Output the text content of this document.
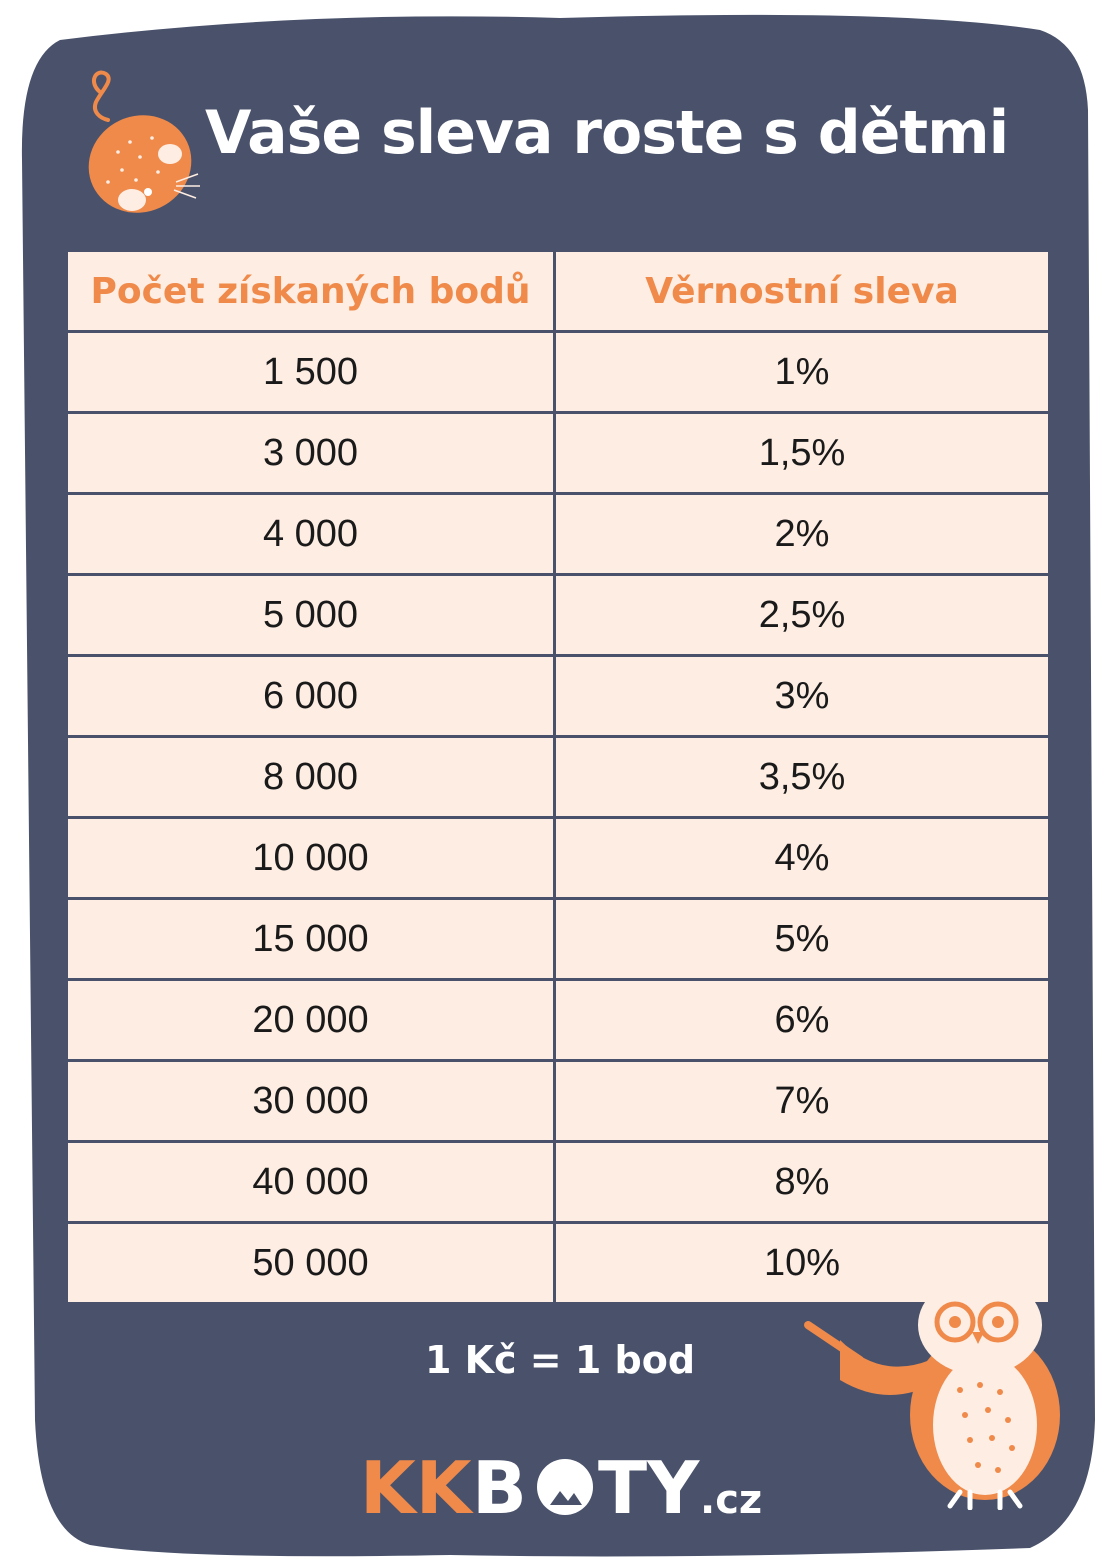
Vaše sleva roste s dětmi
Počet získaných bodů	Věrnostní sleva
1 500	1%
3 000	1,5%
4 000	2%
5 000	2,5%
6 000	3%
8 000	3,5%
10 000	4%
15 000	5%
20 000	6%
30 000	7%
40 000	8%
50 000	10%
1 Kč = 1 bod
KK B TY .cz
